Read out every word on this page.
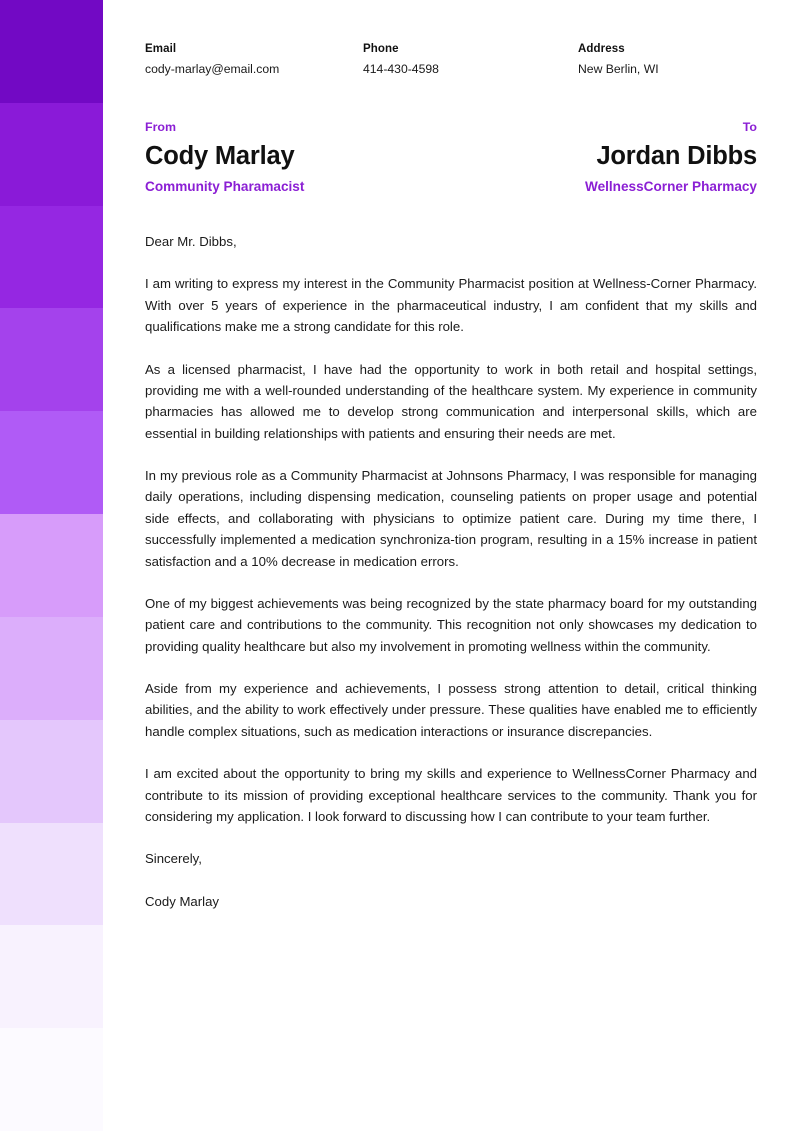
Email
cody-marlay@email.com
Phone
414-430-4598
Address
New Berlin, WI
From
Cody Marlay
Community Pharamacist
To
Jordan Dibbs
WellnessCorner Pharmacy

Dear Mr. Dibbs,

I am writing to express my interest in the Community Pharmacist position at Wellness-Corner Pharmacy. With over 5 years of experience in the pharmaceutical industry, I am confident that my skills and qualifications make me a strong candidate for this role.

As a licensed pharmacist, I have had the opportunity to work in both retail and hospital settings, providing me with a well-rounded understanding of the healthcare system. My experience in community pharmacies has allowed me to develop strong communication and interpersonal skills, which are essential in building relationships with patients and ensuring their needs are met.

In my previous role as a Community Pharmacist at Johnsons Pharmacy, I was responsible for managing daily operations, including dispensing medication, counseling patients on proper usage and potential side effects, and collaborating with physicians to optimize patient care. During my time there, I successfully implemented a medication synchroniza-tion program, resulting in a 15% increase in patient satisfaction and a 10% decrease in medication errors.

One of my biggest achievements was being recognized by the state pharmacy board for my outstanding patient care and contributions to the community. This recognition not only showcases my dedication to providing quality healthcare but also my involvement in promoting wellness within the community.

Aside from my experience and achievements, I possess strong attention to detail, critical thinking abilities, and the ability to work effectively under pressure. These qualities have enabled me to efficiently handle complex situations, such as medication interactions or insurance discrepancies.

I am excited about the opportunity to bring my skills and experience to WellnessCorner Pharmacy and contribute to its mission of providing exceptional healthcare services to the community. Thank you for considering my application. I look forward to discussing how I can contribute to your team further.

Sincerely,

Cody Marlay
